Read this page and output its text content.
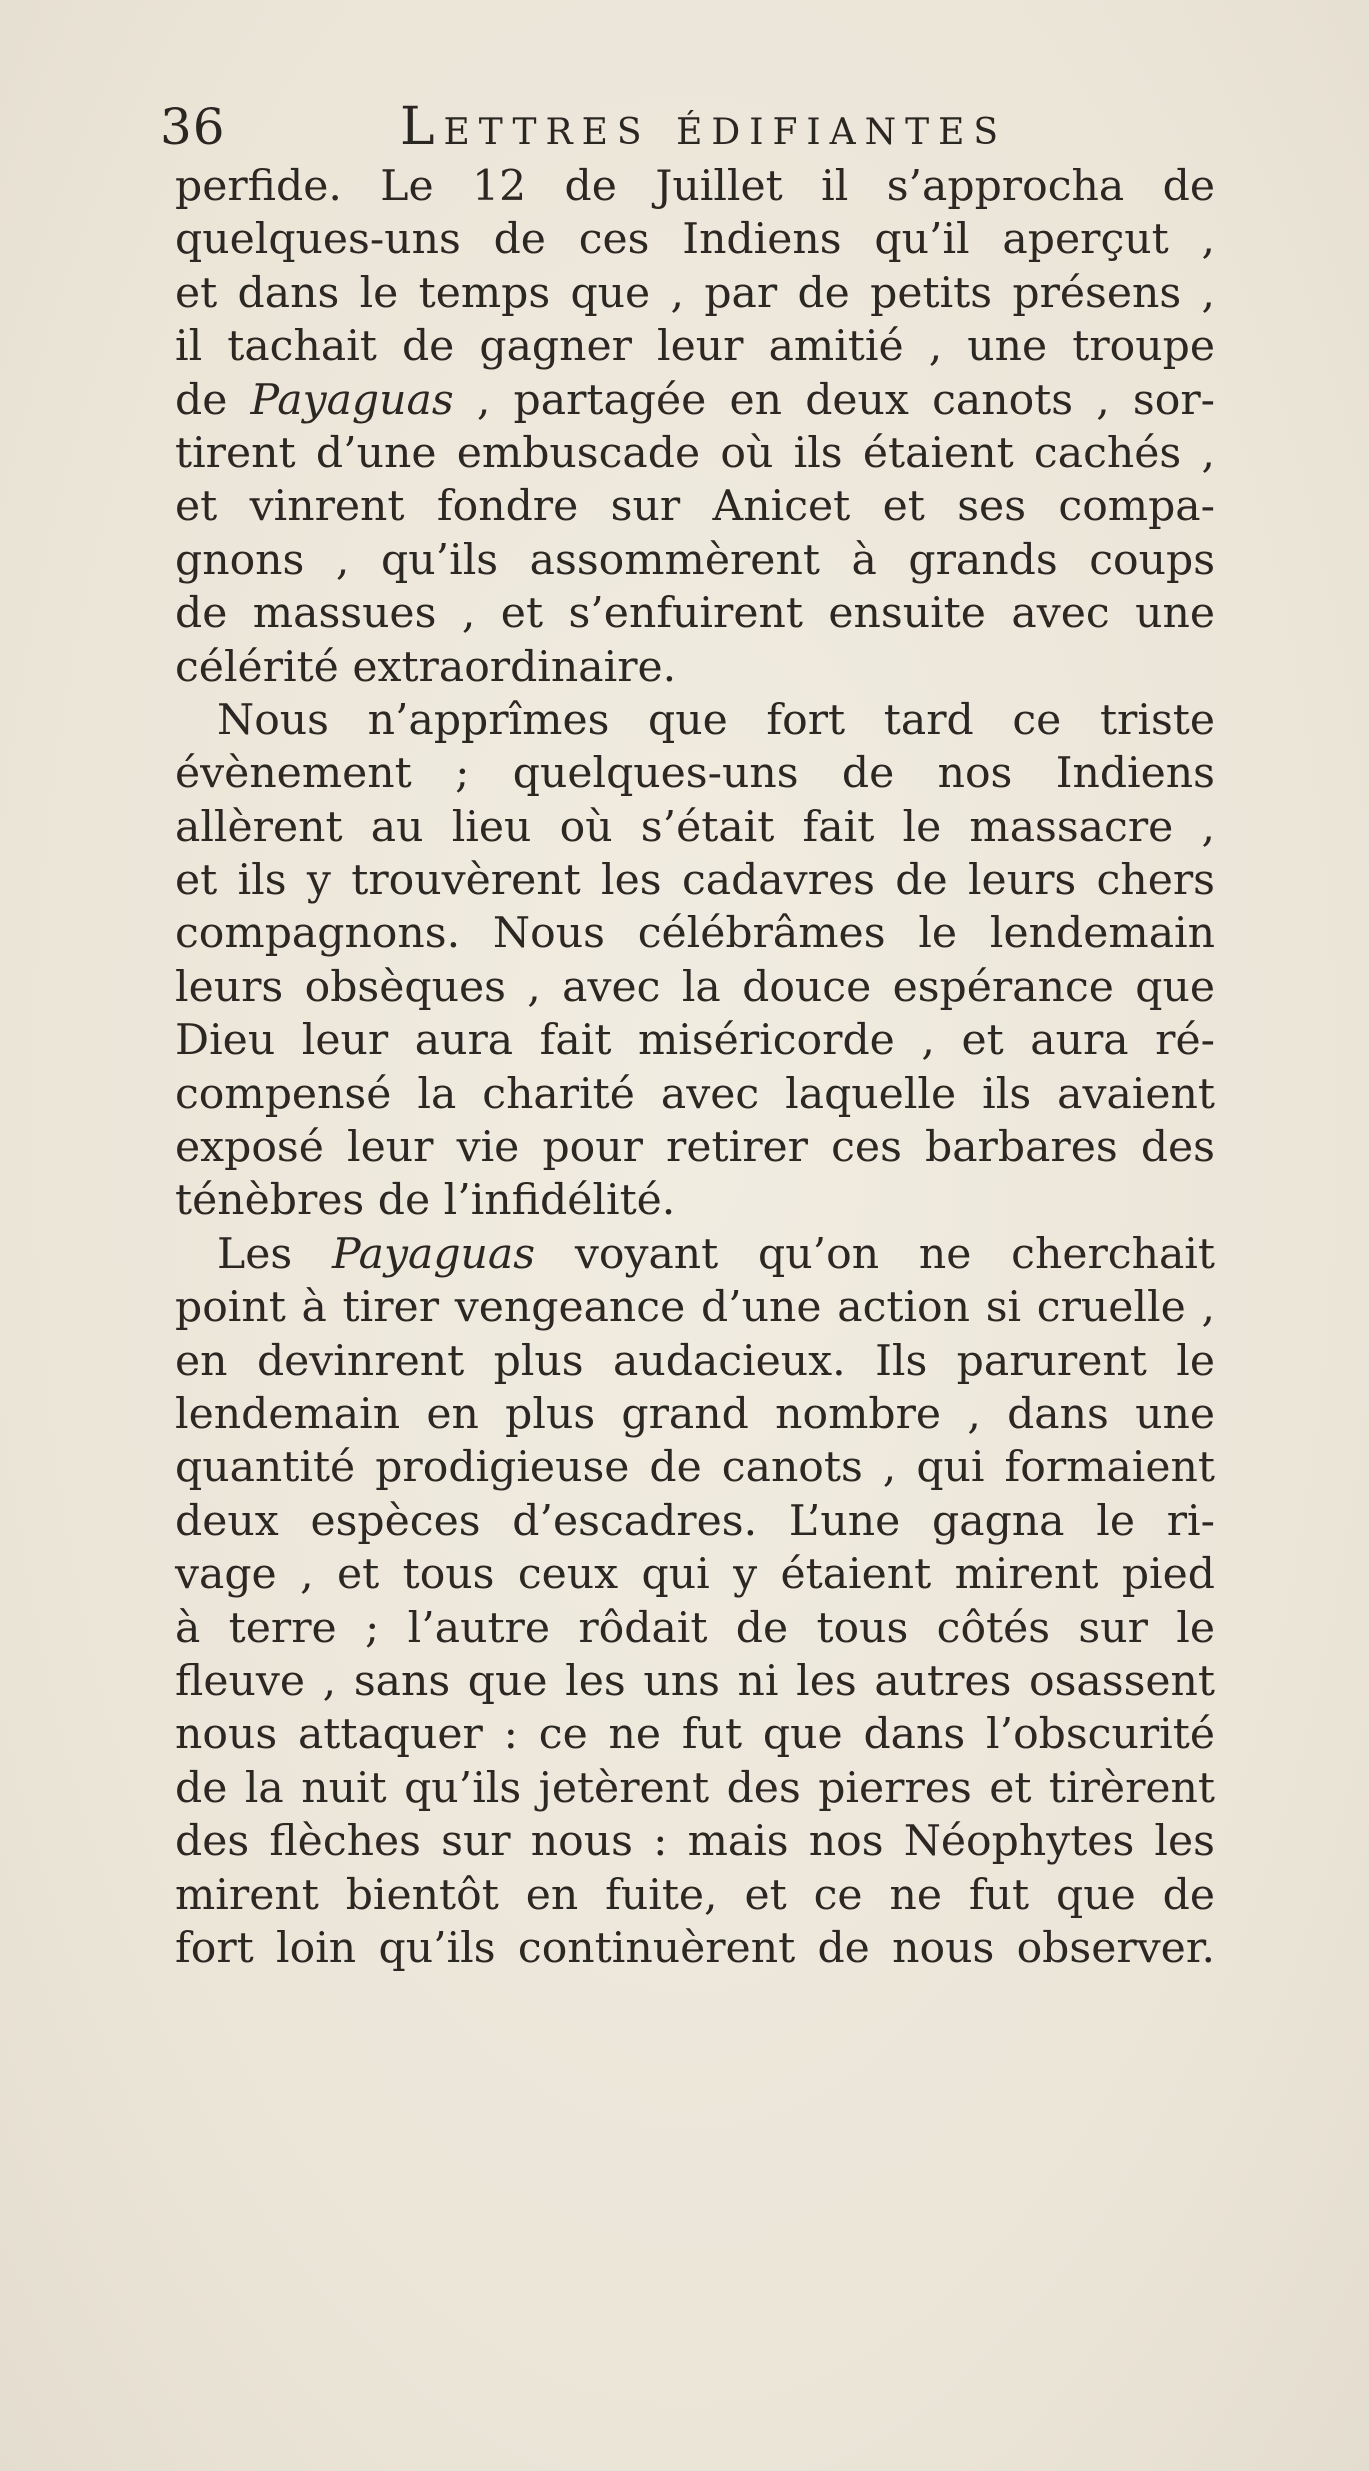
36	Lettres édifiantes
perfide. Le 12 de Juillet il s’approcha de
quelques-uns de ces Indiens qu’il aperçut ,
et dans le temps que , par de petits présens ,
il tachait de gagner leur amitié , une troupe
de Payaguas , partagée en deux canots , sor-
tirent d’une embuscade où ils étaient cachés ,
et vinrent fondre sur Anicet et ses compa-
gnons , qu’ils assommèrent à grands coups
de massues , et s’enfuirent ensuite avec une
célérité extraordinaire.
Nous n’apprîmes que fort tard ce triste
évènement ; quelques-uns de nos Indiens
allèrent au lieu où s’était fait le massacre ,
et ils y trouvèrent les cadavres de leurs chers
compagnons. Nous célébrâmes le lendemain
leurs obsèques , avec la douce espérance que
Dieu leur aura fait miséricorde , et aura ré-
compensé la charité avec laquelle ils avaient
exposé leur vie pour retirer ces barbares des
ténèbres de l’infidélité.
Les Payaguas voyant qu’on ne cherchait
point à tirer vengeance d’une action si cruelle ,
en devinrent plus audacieux. Ils parurent le
lendemain en plus grand nombre , dans une
quantité prodigieuse de canots , qui formaient
deux espèces d’escadres. L’une gagna le ri-
vage , et tous ceux qui y étaient mirent pied
à terre ; l’autre rôdait de tous côtés sur le
fleuve , sans que les uns ni les autres osassent
nous attaquer : ce ne fut que dans l’obscurité
de la nuit qu’ils jetèrent des pierres et tirèrent
des flèches sur nous : mais nos Néophytes les
mirent bientôt en fuite, et ce ne fut que de
fort loin qu’ils continuèrent de nous observer.
